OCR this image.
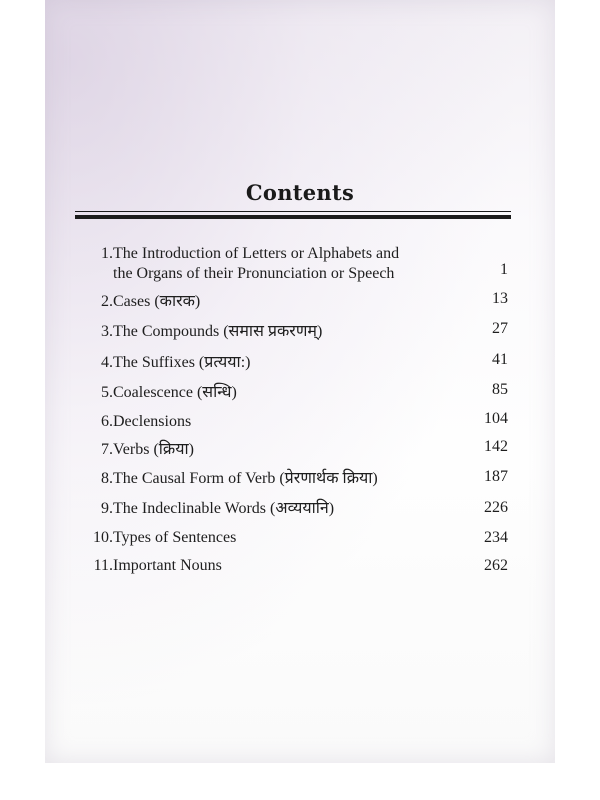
Contents
1. The Introduction of Letters or Alphabets and
the Organs of their Pronunciation or Speech	1
2. Cases (कारक)	13
3. The Compounds (समास प्रकरणम्)	27
4. The Suffixes (प्रत्यया:)	41
5. Coalescence (सन्धि)	85
6. Declensions	104
7. Verbs (क्रिया)	142
8. The Causal Form of Verb (प्रेरणार्थक क्रिया)	187
9. The Indeclinable Words (अव्ययानि)	226
10. Types of Sentences	234
11. Important Nouns	262
